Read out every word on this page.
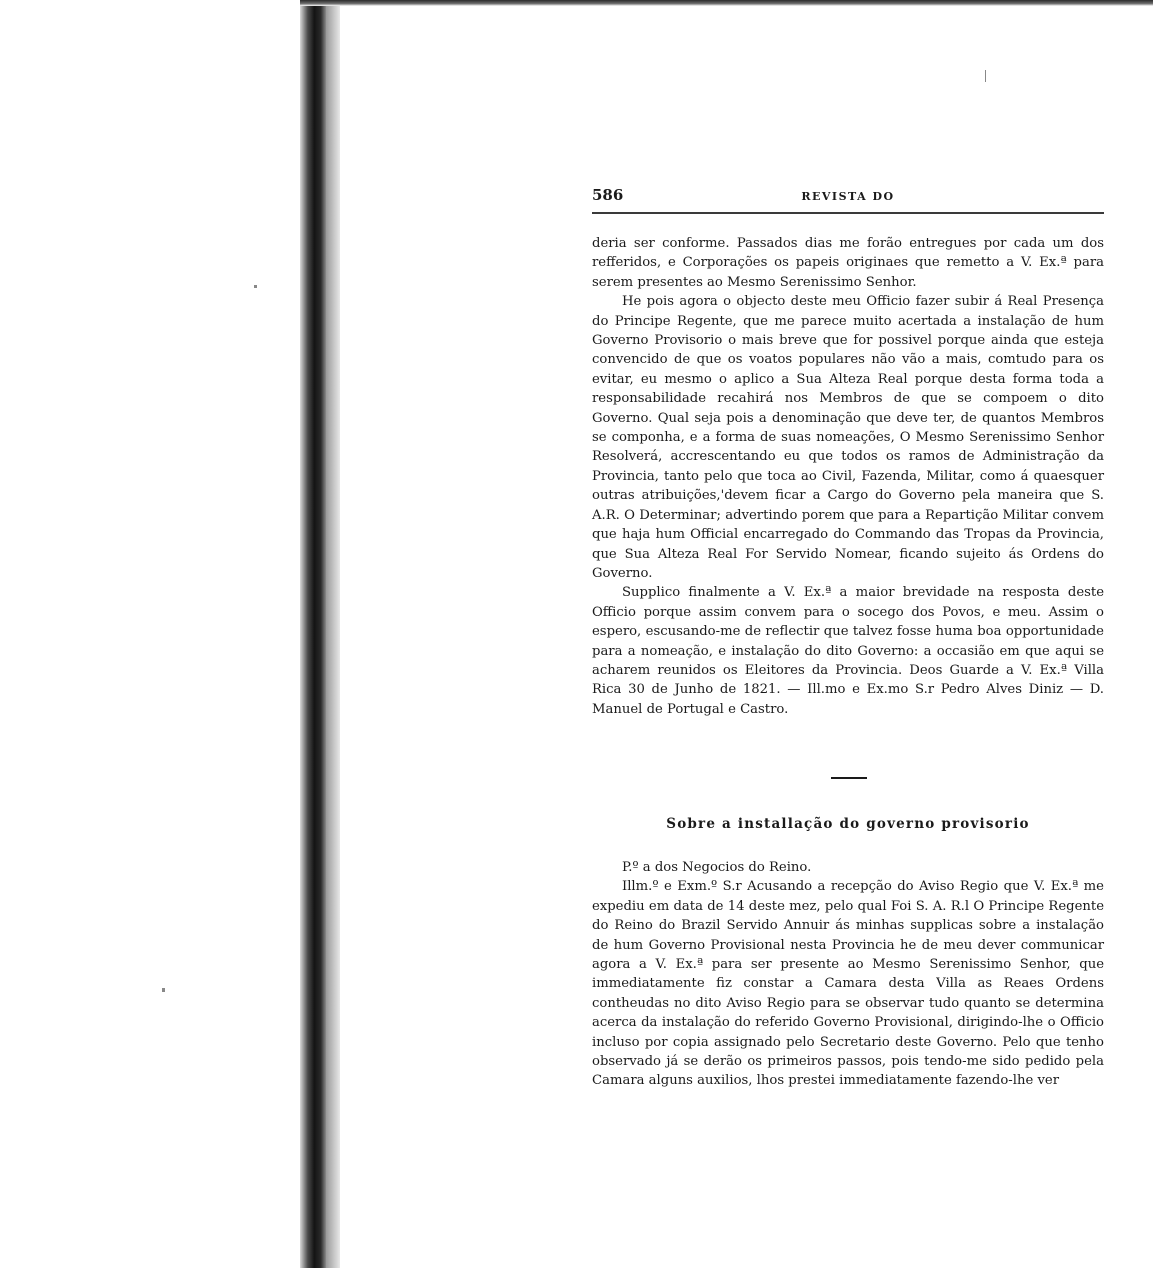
586	REVISTA DO

deria ser conforme. Passados dias me forão entregues por cada um dos refferidos, e Corporações os papeis originaes que remetto a V. Ex.ª para serem presentes ao Mesmo Serenissimo Senhor.

He pois agora o objecto deste meu Officio fazer subir á Real Presença do Principe Regente, que me parece muito acertada a instalação de hum Governo Provisorio o mais breve que for possivel porque ainda que esteja convencido de que os voatos populares não vão a mais, comtudo para os evitar, eu mesmo o aplico a Sua Alteza Real porque desta forma toda a responsabilidade recahirá nos Membros de que se compoem o dito Governo. Qual seja pois a denominação que deve ter, de quantos Membros se componha, e a forma de suas nomeações, O Mesmo Serenissimo Senhor Resolverá, accrescentando eu que todos os ramos de Administração da Provincia, tanto pelo que toca ao Civil, Fazenda, Militar, como á quaesquer outras atribuições,'devem ficar a Cargo do Governo pela maneira que S. A.R. O Determinar; advertindo porem que para a Repartição Militar convem que haja hum Official encarregado do Commando das Tropas da Provincia, que Sua Alteza Real For Servido Nomear, ficando sujeito ás Ordens do Governo.

Supplico finalmente a V. Ex.ª a maior brevidade na resposta deste Officio porque assim convem para o socego dos Povos, e meu. Assim o espero, escusando-me de reflectir que talvez fosse huma boa opportunidade para a nomeação, e instalação do dito Governo: a occasião em que aqui se acharem reunidos os Eleitores da Provincia. Deos Guarde a V. Ex.ª Villa Rica 30 de Junho de 1821. — Ill.mo e Ex.mo S.r Pedro Alves Diniz — D. Manuel de Portugal e Castro.

Sobre a installação do governo provisorio

P.º a dos Negocios do Reino.

Illm.º e Exm.º S.r Acusando a recepção do Aviso Regio que V. Ex.ª me expediu em data de 14 deste mez, pelo qual Foi S. A. R.l O Principe Regente do Reino do Brazil Servido Annuir ás minhas supplicas sobre a instalação de hum Governo Provisional nesta Provincia he de meu dever communicar agora a V. Ex.ª para ser presente ao Mesmo Serenissimo Senhor, que immediatamente fiz constar a Camara desta Villa as Reaes Ordens contheudas no dito Aviso Regio para se observar tudo quanto se determina acerca da instalação do referido Governo Provisional, dirigindo-lhe o Officio incluso por copia assignado pelo Secretario deste Governo. Pelo que tenho observado já se derão os primeiros passos, pois tendo-me sido pedido pela Camara alguns auxilios, lhos prestei immediatamente fazendo-lhe ver
